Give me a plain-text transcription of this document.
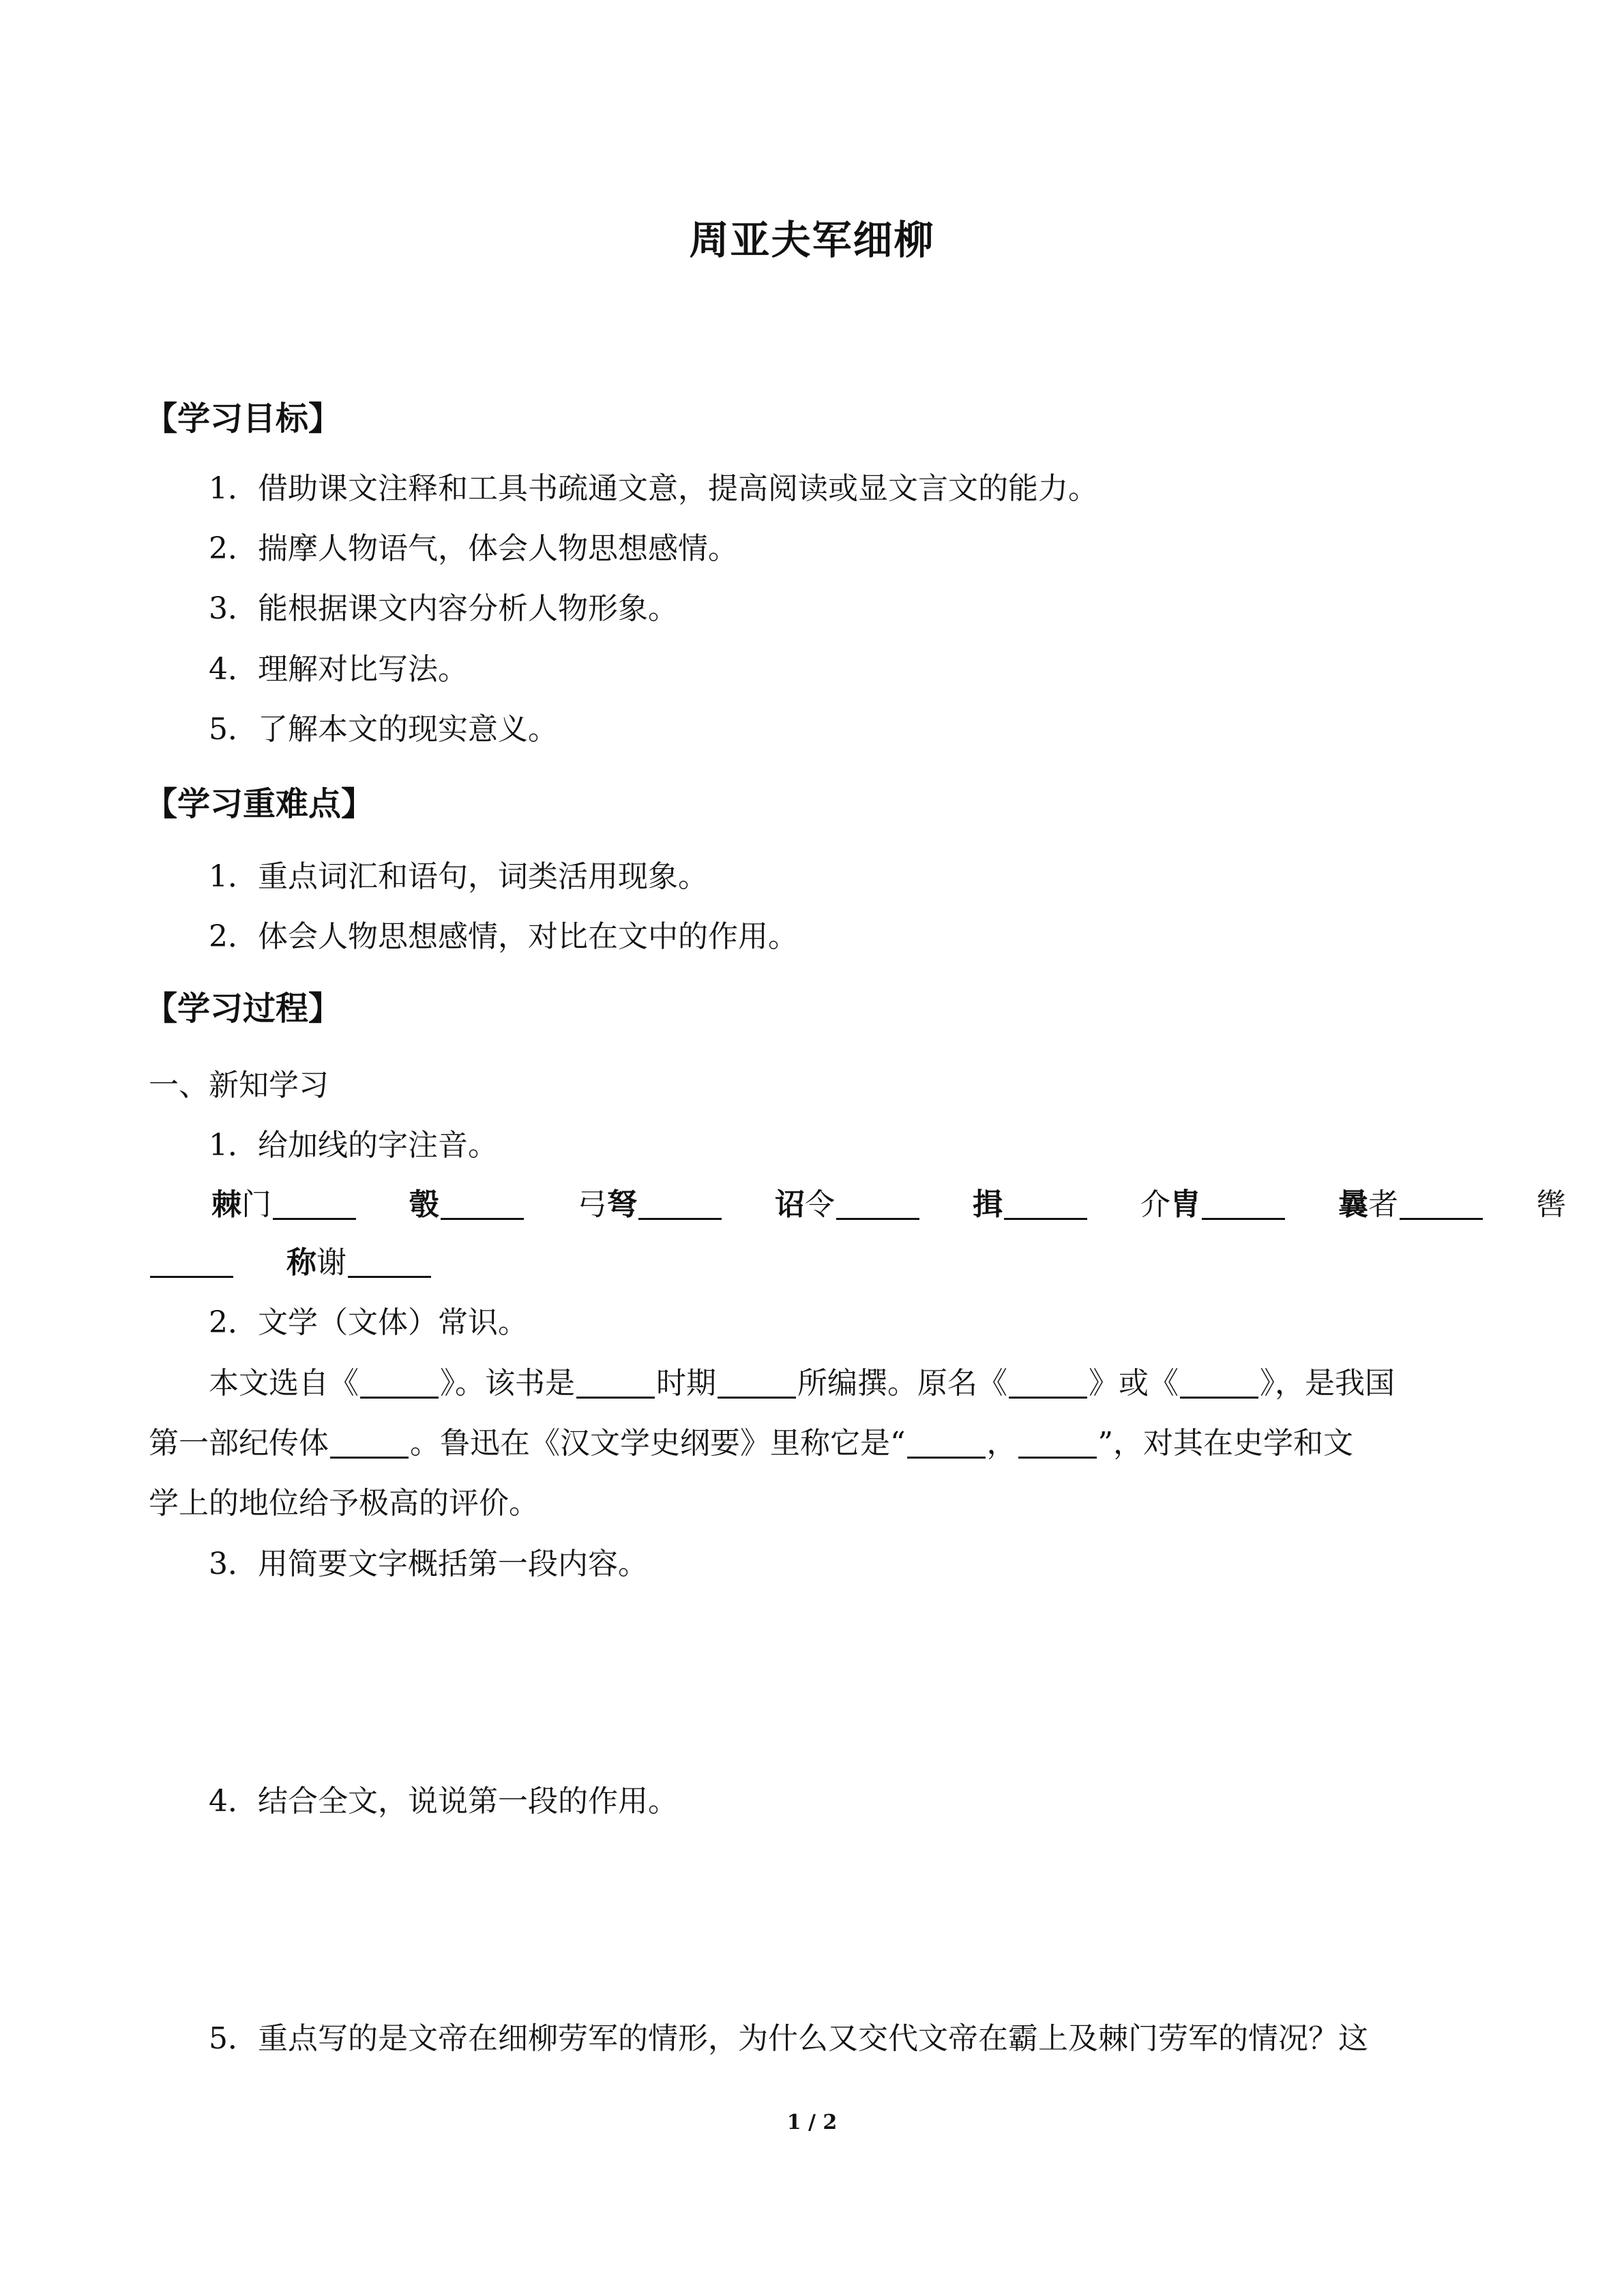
周亚夫军细柳
【学习目标】
1．借助课文注释和工具书疏通文意，提高阅读或显文言文的能力。
2．揣摩人物语气，体会人物思想感情。
3．能根据课文内容分析人物形象。
4．理解对比写法。
5．了解本文的现实意义。
【学习重难点】
1．重点词汇和语句，词类活用现象。
2．体会人物思想感情，对比在文中的作用。
【学习过程】
一、新知学习
1．给加线的字注音。
棘门	彀	弓弩	诏令	揖	介胄	曩者	辔
称谢
2．文学（文体）常识。
本文选自《	》。该书是	时期	所编撰。原名《	》或《	》，是我国
第一部纪传体	。鲁迅在《汉文学史纲要》里称它是“	，	”，对其在史学和文
学上的地位给予极高的评价。
3．用简要文字概括第一段内容。
4．结合全文，说说第一段的作用。
5．重点写的是文帝在细柳劳军的情形，为什么又交代文帝在霸上及棘门劳军的情况？这
1 / 2
